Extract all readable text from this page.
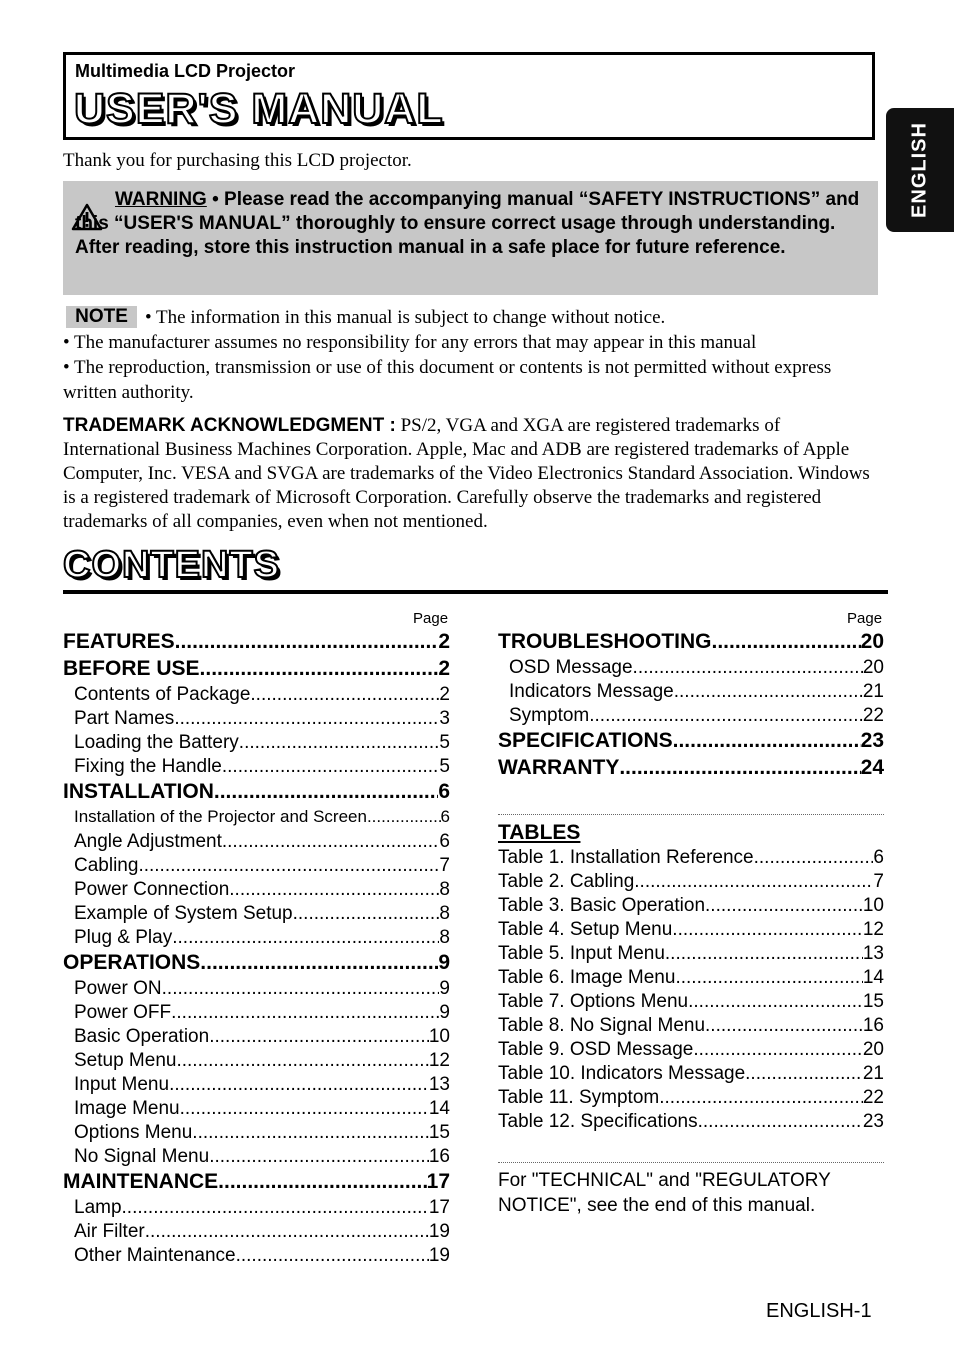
Multimedia LCD Projector
USER'S MANUAL
ENGLISH
Thank you for purchasing this LCD projector.
WARNING • Please read the accompanying manual “SAFETY INSTRUCTIONS” and this “USER'S MANUAL” thoroughly to ensure correct usage through understanding. After reading, store this instruction manual in a safe place for future reference.
NOTE • The information in this manual is subject to change without notice.
• The manufacturer assumes no responsibility for any errors that may appear in this manual
• The reproduction, transmission or use of this document or contents is not permitted without express written authority.
TRADEMARK ACKNOWLEDGMENT : PS/2, VGA and XGA are registered trademarks of International Business Machines Corporation. Apple, Mac and ADB are registered trademarks of Apple Computer, Inc. VESA and SVGA are trademarks of the Video Electronics Standard Association. Windows is a registered trademark of Microsoft Corporation. Carefully observe the trademarks and registered trademarks of all companies, even when not mentioned.
CONTENTS
Page	Page
FEATURES .....	2
BEFORE USE .....	2
Contents of Package .....	2
Part Names .....	3
Loading the Battery .....	5
Fixing the Handle .....	5
INSTALLATION .....	6
Installation of the Projector and Screen .....	6
Angle Adjustment .....	6
Cabling .....	7
Power Connection .....	8
Example of System Setup .....	8
Plug & Play .....	8
OPERATIONS .....	9
Power ON .....	9
Power OFF .....	9
Basic Operation .....	10
Setup Menu .....	12
Input Menu .....	13
Image Menu .....	14
Options Menu .....	15
No Signal Menu .....	16
MAINTENANCE .....	17
Lamp .....	17
Air Filter .....	19
Other Maintenance .....	19
TROUBLESHOOTING .....	20
OSD Message .....	20
Indicators Message .....	21
Symptom .....	22
SPECIFICATIONS .....	23
WARRANTY .....	24
TABLES
Table 1. Installation Reference .....	6
Table 2. Cabling .....	7
Table 3. Basic Operation .....	10
Table 4. Setup Menu .....	12
Table 5. Input Menu .....	13
Table 6. Image Menu .....	14
Table 7. Options Menu .....	15
Table 8. No Signal Menu .....	16
Table 9. OSD Message .....	20
Table 10. Indicators Message .....	21
Table 11. Symptom .....	22
Table 12. Specifications .....	23
For "TECHNICAL" and "REGULATORY NOTICE", see the end of this manual.
ENGLISH-1
